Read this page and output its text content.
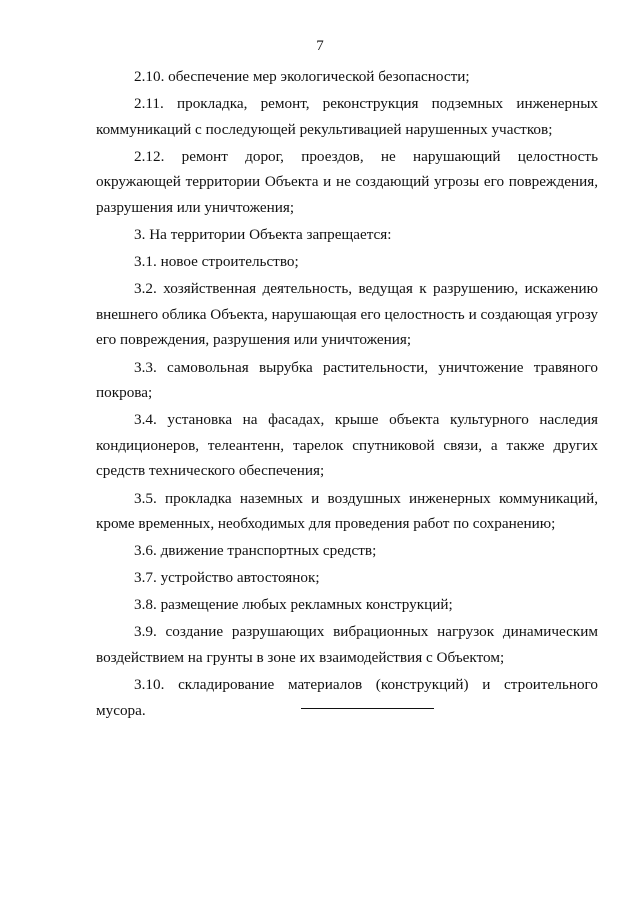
7

2.10. обеспечение мер экологической безопасности;

2.11. прокладка, ремонт, реконструкция подземных инженерных коммуникаций с последующей рекультивацией нарушенных участков;

2.12. ремонт дорог, проездов, не нарушающий целостность окружающей территории Объекта и не создающий угрозы его повреждения, разрушения или уничтожения;

3. На территории Объекта запрещается:

3.1. новое строительство;

3.2. хозяйственная деятельность, ведущая к разрушению, искажению внешнего облика Объекта, нарушающая его целостность и создающая угрозу его повреждения, разрушения или уничтожения;

3.3. самовольная вырубка растительности, уничтожение травяного покрова;

3.4. установка на фасадах, крыше объекта культурного наследия кондиционеров, телеантенн, тарелок спутниковой связи, а также других средств технического обеспечения;

3.5. прокладка наземных и воздушных инженерных коммуникаций, кроме временных, необходимых для проведения работ по сохранению;

3.6. движение транспортных средств;

3.7. устройство автостоянок;

3.8. размещение любых рекламных конструкций;

3.9. создание разрушающих вибрационных нагрузок динамическим воздействием на грунты в зоне их взаимодействия с Объектом;

3.10. складирование материалов (конструкций) и строительного мусора.
